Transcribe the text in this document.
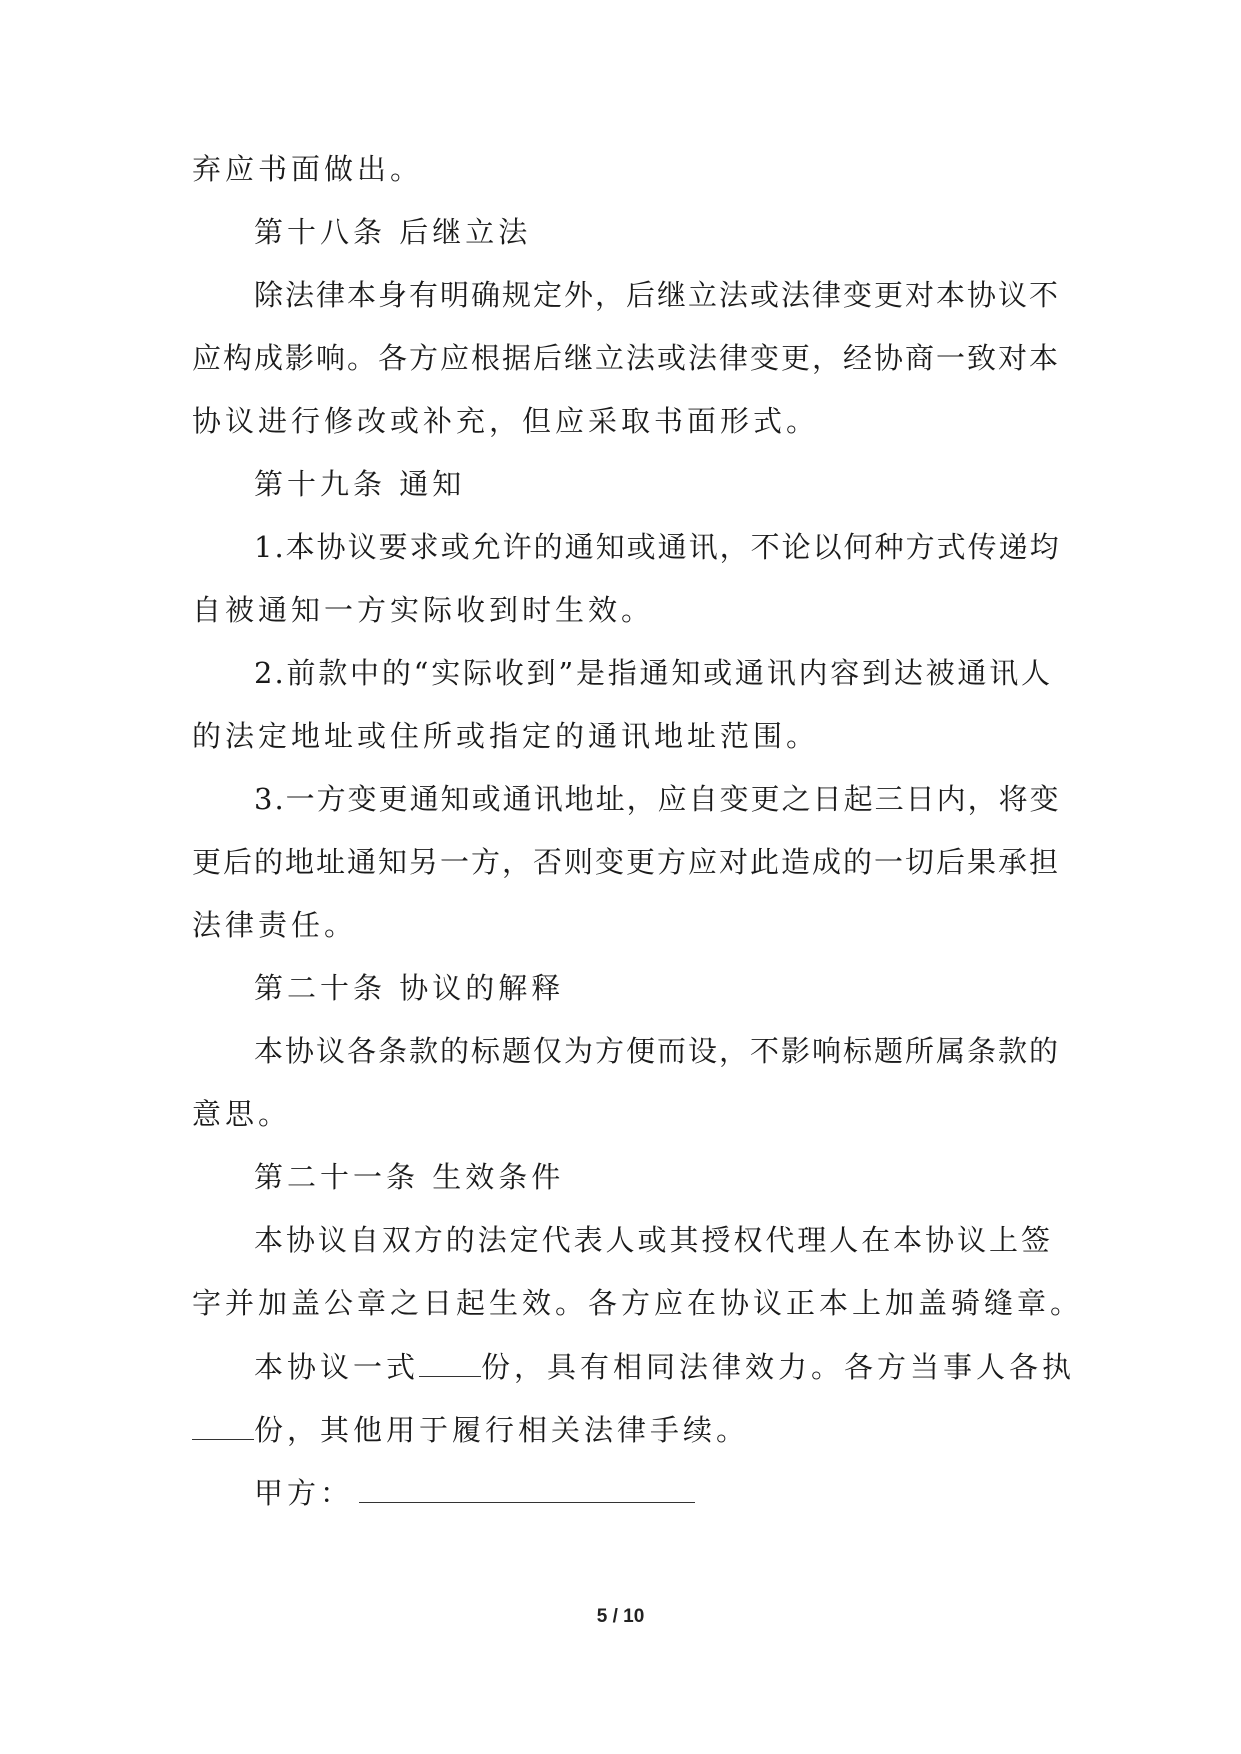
弃应书面做出。
第十八条 后继立法
除法律本身有明确规定外，后继立法或法律变更对本协议不
应构成影响。各方应根据后继立法或法律变更，经协商一致对本
协议进行修改或补充，但应采取书面形式。
第十九条 通知
1.本协议要求或允许的通知或通讯，不论以何种方式传递均
自被通知一方实际收到时生效。
2.前款中的“实际收到”是指通知或通讯内容到达被通讯人
的法定地址或住所或指定的通讯地址范围。
3.一方变更通知或通讯地址，应自变更之日起三日内，将变
更后的地址通知另一方，否则变更方应对此造成的一切后果承担
法律责任。
第二十条 协议的解释
本协议各条款的标题仅为方便而设，不影响标题所属条款的
意思。
第二十一条 生效条件
本协议自双方的法定代表人或其授权代理人在本协议上签
字并加盖公章之日起生效。各方应在协议正本上加盖骑缝章。
本协议一式 份，具有相同法律效力。各方当事人各执
份，其他用于履行相关法律手续。
甲方：
5 / 10
